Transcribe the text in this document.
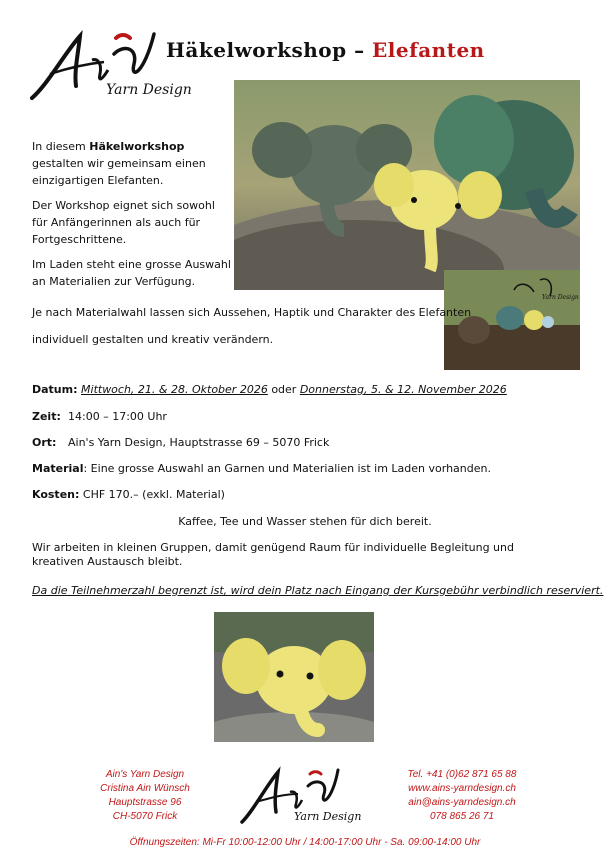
Yarn Design
Häkelworkshop – Elefanten
Yarn Design

In diesem Häkelworkshop gestalten wir gemeinsam einen einzigartigen Elefanten.

Der Workshop eignet sich sowohl für Anfängerinnen als auch für Fortgeschrittene.

Im Laden steht eine grosse Auswahl an Materialien zur Verfügung.

Je nach Materialwahl lassen sich Aussehen, Haptik und Charakter des Elefanten
individuell gestalten und kreativ verändern.
Datum: Mittwoch, 21. & 28. Oktober 2026 oder Donnerstag, 5. & 12. November 2026
Zeit: 14:00 – 17:00 Uhr
Ort: Ain's Yarn Design, Hauptstrasse 69 – 5070 Frick
Material: Eine grosse Auswahl an Garnen und Materialien ist im Laden vorhanden.
Kosten: CHF 170.– (exkl. Material)
Kaffee, Tee und Wasser stehen für dich bereit.
Wir arbeiten in kleinen Gruppen, damit genügend Raum für individuelle Begleitung und kreativen Austausch bleibt.
Da die Teilnehmerzahl begrenzt ist, wird dein Platz nach Eingang der Kursgebühr verbindlich reserviert.
Ain's Yarn Design
Cristina Ain Wünsch
Hauptstrasse 96
CH-5070 Frick	Yarn Design
Tel. +41 (0)62 871 65 88
www.ains-yarndesign.ch
ain@ains-yarndesign.ch
078 865 26 71
Öffnungszeiten: Mi-Fr 10:00-12:00 Uhr / 14:00-17:00 Uhr - Sa. 09:00-14:00 Uhr
